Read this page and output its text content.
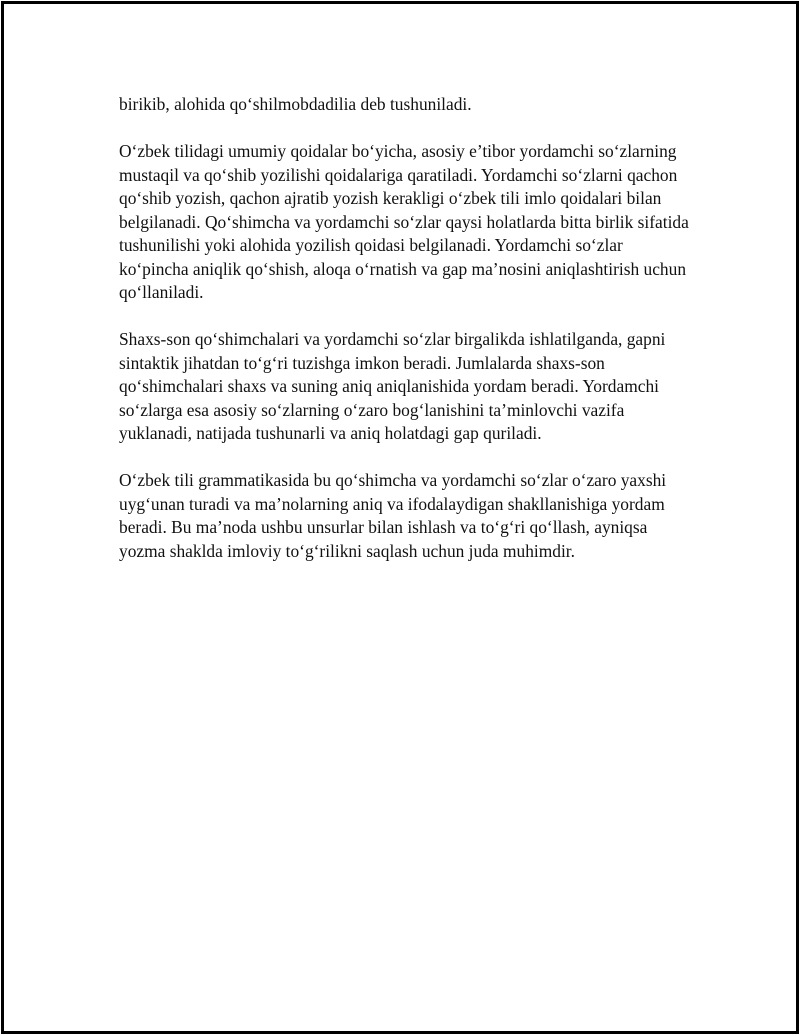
birikib, alohida qo‘shilmobdadilia deb tushuniladi.

O‘zbek tilidagi umumiy qoidalar bo‘yicha, asosiy e’tibor yordamchi so‘zlarning mustaqil va qo‘shib yozilishi qoidalariga qaratiladi. Yordamchi so‘zlarni qachon qo‘shib yozish, qachon ajratib yozish kerakligi o‘zbek tili imlo qoidalari bilan belgilanadi. Qo‘shimcha va yordamchi so‘zlar qaysi holatlarda bitta birlik sifatida tushunilishi yoki alohida yozilish qoidasi belgilanadi. Yordamchi so‘zlar ko‘pincha aniqlik qo‘shish, aloqa o‘rnatish va gap ma’nosini aniqlashtirish uchun qo‘llaniladi.

Shaxs-son qo‘shimchalari va yordamchi so‘zlar birgalikda ishlatilganda, gapni sintaktik jihatdan to‘g‘ri tuzishga imkon beradi. Jumlalarda shaxs-son qo‘shimchalari shaxs va suning aniq aniqlanishida yordam beradi. Yordamchi so‘zlarga esa asosiy so‘zlarning o‘zaro bog‘lanishini ta’minlovchi vazifa yuklanadi, natijada tushunarli va aniq holatdagi gap quriladi.

O‘zbek tili grammatikasida bu qo‘shimcha va yordamchi so‘zlar o‘zaro yaxshi uyg‘unan turadi va ma’nolarning aniq va ifodalaydigan shakllanishiga yordam beradi. Bu ma’noda ushbu unsurlar bilan ishlash va to‘g‘ri qo‘llash, ayniqsa yozma shaklda imloviy to‘g‘rilikni saqlash uchun juda muhimdir.
